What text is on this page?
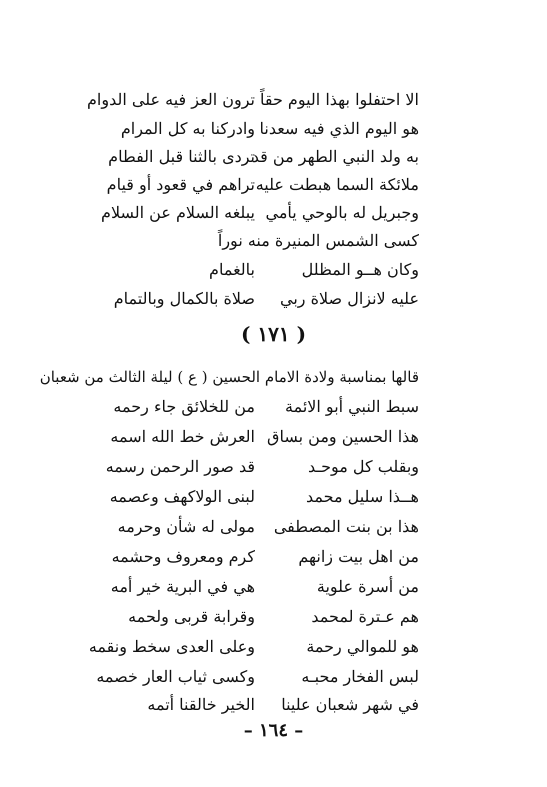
الا احتفلوا بهذا اليوم حقاً
ترون العز فيه على الدوام
هو اليوم الذي فيه سعدنا
وادركنا به كل المرام
به ولد النبي الطهر من قد
تردى بالثنا قبل الفطام
ملائكة السما هبطت عليه
تراهم في قعود أو قيام
وجبريل له بالوحي يأمي
يبلغه السلام عن السلام
كسى الشمس المنيرة منه نوراً
وكان هــو المظلل
بالغمام
عليه لانزال صلاة ربي
صلاة بالكمال وبالتمام
( ١٧١ )
قالها بمناسبة ولادة الامام الحسين ( ع ) ليلة الثالث من شعبان
سبط النبي أبو الائمة
من للخلائق جاء رحمه
هذا الحسين ومن بساق
العرش خط الله اسمه
وبقلب كل موحـد
قد صور الرحمن رسمه
هــذا سليل محمد
لبنى الولاكهف وعصمه
هذا بن بنت المصطفى
مولى له شأن وحرمه
من اهل بيت زانهم
كرم ومعروف وحشمه
من أسرة علوية
هي في البرية خير أمه
هم عـترة لمحمد
وقرابة قربى ولحمه
هو للموالي رحمة
وعلى العدى سخط ونقمه
لبس الفخار محبـه
وكسى ثياب العار خصمه
في شهر شعبان علينا
الخير خالقنا أتمه
– ١٦٤ –
